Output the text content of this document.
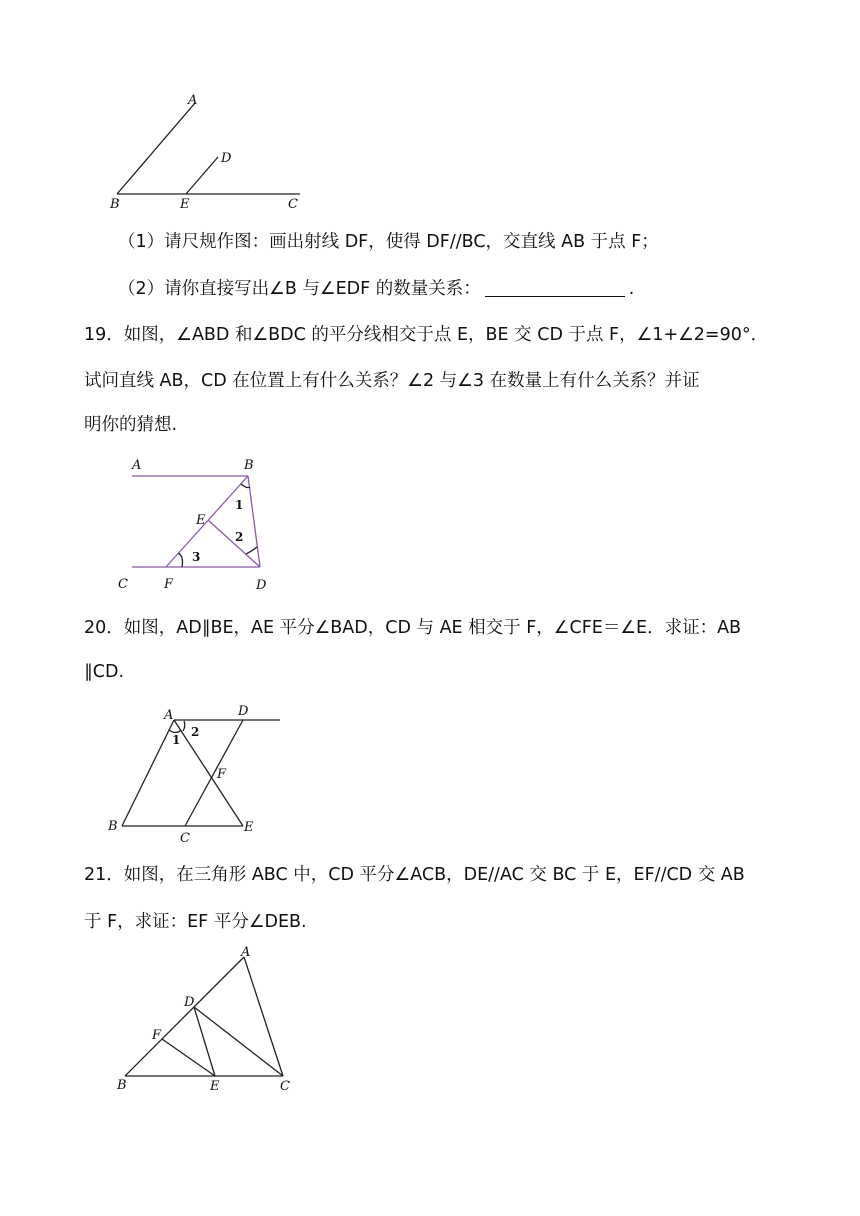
A
B	C
D
E
（1）请尺规作图：画出射线 DF，使得 DF//BC，交直线 AB 于点 F；
（2）请你直接写出∠B 与∠EDF 的数量关系：	.
19．如图，∠ABD 和∠BDC 的平分线相交于点 E，BE 交 CD 于点 F，∠1+∠2=90°．
试问直线 AB，CD 在位置上有什么关系？∠2 与∠3 在数量上有什么关系？并证
明你的猜想.
A	B
C	D
E
F
1
2
3
20．如图，AD∥BE，AE 平分∠BAD，CD 与 AE 相交于 F，∠CFE＝∠E．求证：AB
∥CD.
A	D
B
C
E
F
1
2
21．如图，在三角形 ABC 中，CD 平分∠ACB，DE//AC 交 BC 于 E，EF//CD 交 AB
于 F，求证：EF 平分∠DEB.
A
D
F
B	E	C
